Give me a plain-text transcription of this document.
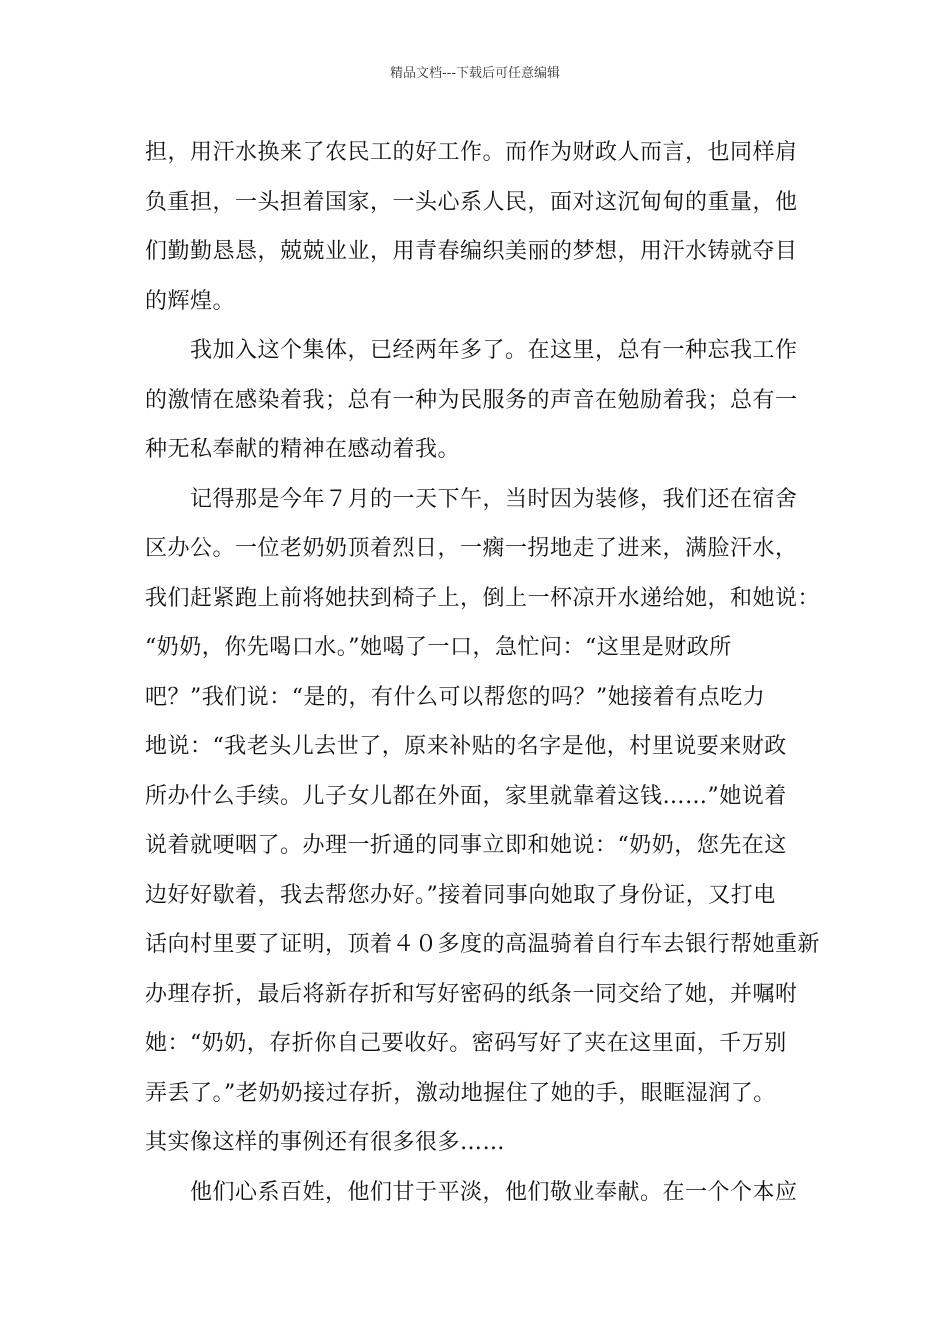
精品文档---下载后可任意编辑
担，用汗水换来了农民工的好工作。而作为财政人而言，也同样肩
负重担，一头担着国家，一头心系人民，面对这沉甸甸的重量，他
们勤勤恳恳，兢兢业业，用青春编织美丽的梦想，用汗水铸就夺目
的辉煌。
我加入这个集体，已经两年多了。在这里，总有一种忘我工作
的激情在感染着我；总有一种为民服务的声音在勉励着我；总有一
种无私奉献的精神在感动着我。
记得那是今年７月的一天下午，当时因为装修，我们还在宿舍
区办公。一位老奶奶顶着烈日，一瘸一拐地走了进来，满脸汗水，
我们赶紧跑上前将她扶到椅子上，倒上一杯凉开水递给她，和她说：
“奶奶，你先喝口水。”她喝了一口，急忙问：“这里是财政所
吧？”我们说：“是的，有什么可以帮您的吗？”她接着有点吃力
地说：“我老头儿去世了，原来补贴的名字是他，村里说要来财政
所办什么手续。儿子女儿都在外面，家里就靠着这钱……”她说着
说着就哽咽了。办理一折通的同事立即和她说：“奶奶，您先在这
边好好歇着，我去帮您办好。”接着同事向她取了身份证，又打电
话向村里要了证明，顶着４０多度的高温骑着自行车去银行帮她重新
办理存折，最后将新存折和写好密码的纸条一同交给了她，并嘱咐
她：“奶奶，存折你自己要收好。密码写好了夹在这里面，千万别
弄丢了。”老奶奶接过存折，激动地握住了她的手，眼眶湿润了。
其实像这样的事例还有很多很多……
他们心系百姓，他们甘于平淡，他们敬业奉献。在一个个本应
